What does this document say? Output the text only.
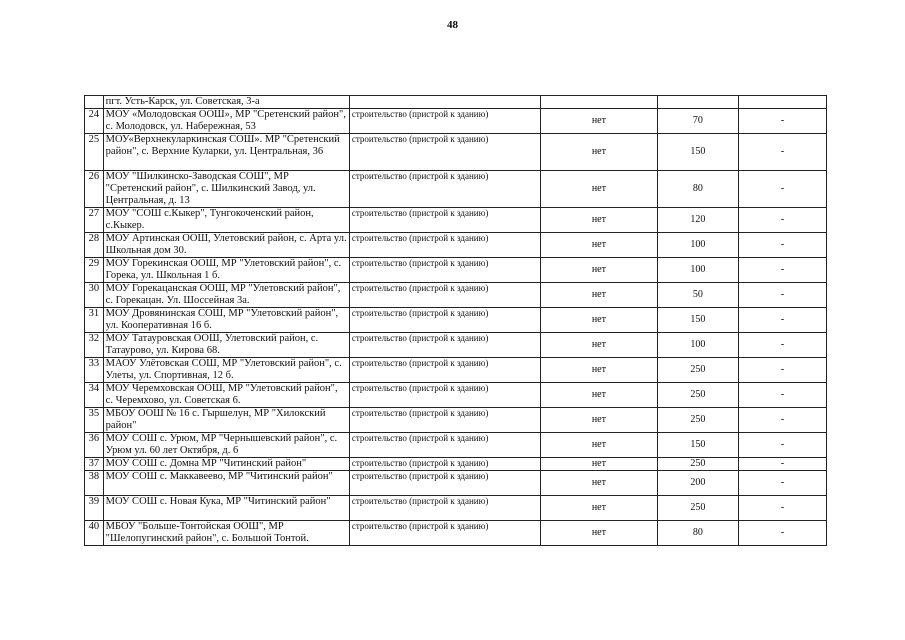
48
	пгт. Усть-Карск, ул. Советская, 3-а				
24	МОУ «Молодовская ООШ», МР "Сретенский район", с. Молодовск, ул. Набережная, 53	строительство (пристрой к зданию)	нет	70	-
25	МОУ«Верхнекуларкинская СОШ». МР "Сретенский район", с. Верхние Куларки, ул. Центральная, 36	строительство (пристрой к зданию)	нет	150	-
26	МОУ "Шилкинско-Заводская СОШ", МР "Сретенский район", с. Шилкинский Завод, ул. Центральная, д. 13	строительство (пристрой к зданию)	нет	80	-
27	МОУ "СОШ с.Кыкер", Тунгокоченский район, с.Кыкер.	строительство (пристрой к зданию)	нет	120	-
28	МОУ Артинская ООШ, Улетовский район, с. Арта ул. Школьная дом 30.	строительство (пристрой к зданию)	нет	100	-
29	МОУ Горекинская ООШ, МР "Улетовский район", с. Горека, ул. Школьная 1 б.	строительство (пристрой к зданию)	нет	100	-
30	МОУ Горекацанская ООШ, МР "Улетовский район", с. Горекацан. Ул. Шоссейная 3а.	строительство (пристрой к зданию)	нет	50	-
31	МОУ Дровянинская СОШ, МР "Улетовский район", ул. Кооперативная 16 б.	строительство (пристрой к зданию)	нет	150	-
32	МОУ Татауровская ООШ, Улетовский район, с. Татаурово, ул. Кирова 68.	строительство (пристрой к зданию)	нет	100	-
33	МАОУ Улётовская СОШ, МР "Улетовский район", с. Улеты, ул. Спортивная, 12 б.	строительство (пристрой к зданию)	нет	250	-
34	МОУ Черемховская ООШ, МР "Улетовский район", с. Черемхово, ул. Советская 6.	строительство (пристрой к зданию)	нет	250	-
35	МБОУ ООШ № 16 с. Гыршелун, МР "Хилокский район"	строительство (пристрой к зданию)	нет	250	-
36	МОУ СОШ с. Урюм, МР "Чернышевский район", с. Урюм ул. 60 лет Октября, д. 6	строительство (пристрой к зданию)	нет	150	-
37	МОУ СОШ с. Домна МР "Читинский район"	строительство (пристрой к зданию)	нет	250	-
38	МОУ СОШ с. Маккавеево, МР "Читинский район"	строительство (пристрой к зданию)	нет	200	-
39	МОУ СОШ с. Новая Кука, МР "Читинский район"	строительство (пристрой к зданию)	нет	250	-
40	МБОУ "Больше-Тонтойская ООШ", МР "Шелопугинский район", с. Большой Тонтой.	строительство (пристрой к зданию)	нет	80	-
